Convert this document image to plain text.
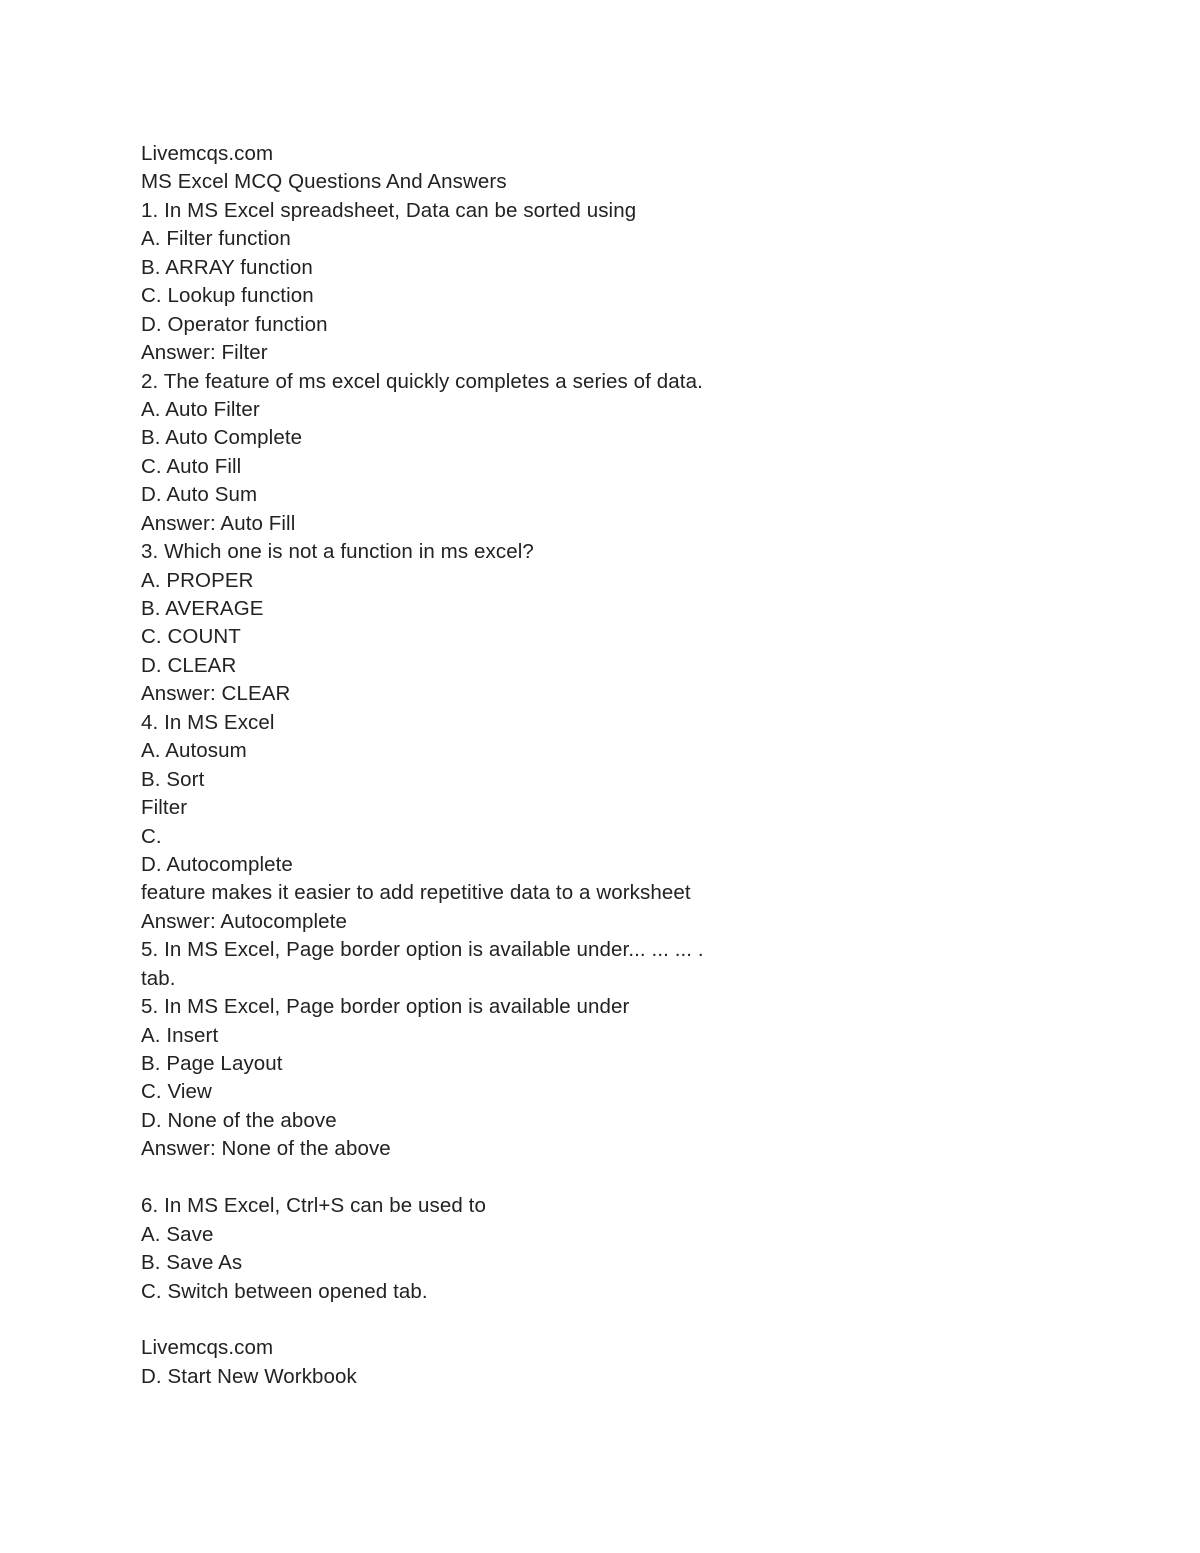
Livemcqs.com
MS Excel MCQ Questions And Answers
1. In MS Excel spreadsheet, Data can be sorted using
A. Filter function
B. ARRAY function
C. Lookup function
D. Operator function
Answer: Filter
2. The feature of ms excel quickly completes a series of data.
A. Auto Filter
B. Auto Complete
C. Auto Fill
D. Auto Sum
Answer: Auto Fill
3. Which one is not a function in ms excel?
A. PROPER
B. AVERAGE
C. COUNT
D. CLEAR
Answer: CLEAR
4. In MS Excel
A. Autosum
B. Sort
Filter
C.
D. Autocomplete
feature makes it easier to add repetitive data to a worksheet
Answer: Autocomplete
5. In MS Excel, Page border option is available under... ... ... .
tab.
5. In MS Excel, Page border option is available under
A. Insert
B. Page Layout
C. View
D. None of the above
Answer: None of the above
6. In MS Excel, Ctrl+S can be used to
A. Save
B. Save As
C. Switch between opened tab.
Livemcqs.com
D. Start New Workbook
